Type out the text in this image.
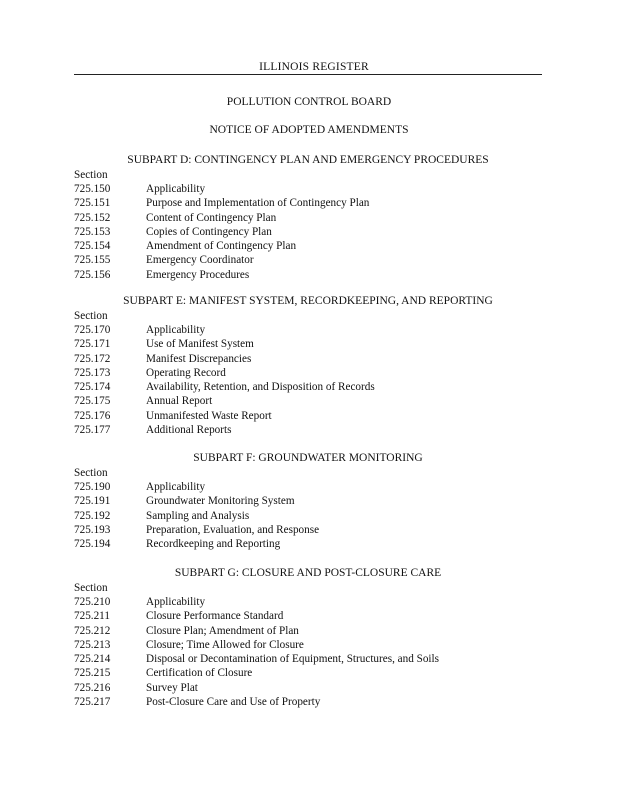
ILLINOIS REGISTER
POLLUTION CONTROL BOARD
NOTICE OF ADOPTED AMENDMENTS
SUBPART D: CONTINGENCY PLAN AND EMERGENCY PROCEDURES
Section
725.150	Applicability
725.151	Purpose and Implementation of Contingency Plan
725.152	Content of Contingency Plan
725.153	Copies of Contingency Plan
725.154	Amendment of Contingency Plan
725.155	Emergency Coordinator
725.156	Emergency Procedures
SUBPART E: MANIFEST SYSTEM, RECORDKEEPING, AND REPORTING
Section
725.170	Applicability
725.171	Use of Manifest System
725.172	Manifest Discrepancies
725.173	Operating Record
725.174	Availability, Retention, and Disposition of Records
725.175	Annual Report
725.176	Unmanifested Waste Report
725.177	Additional Reports
SUBPART F: GROUNDWATER MONITORING
Section
725.190	Applicability
725.191	Groundwater Monitoring System
725.192	Sampling and Analysis
725.193	Preparation, Evaluation, and Response
725.194	Recordkeeping and Reporting
SUBPART G: CLOSURE AND POST-CLOSURE CARE
Section
725.210	Applicability
725.211	Closure Performance Standard
725.212	Closure Plan; Amendment of Plan
725.213	Closure; Time Allowed for Closure
725.214	Disposal or Decontamination of Equipment, Structures, and Soils
725.215	Certification of Closure
725.216	Survey Plat
725.217	Post-Closure Care and Use of Property
